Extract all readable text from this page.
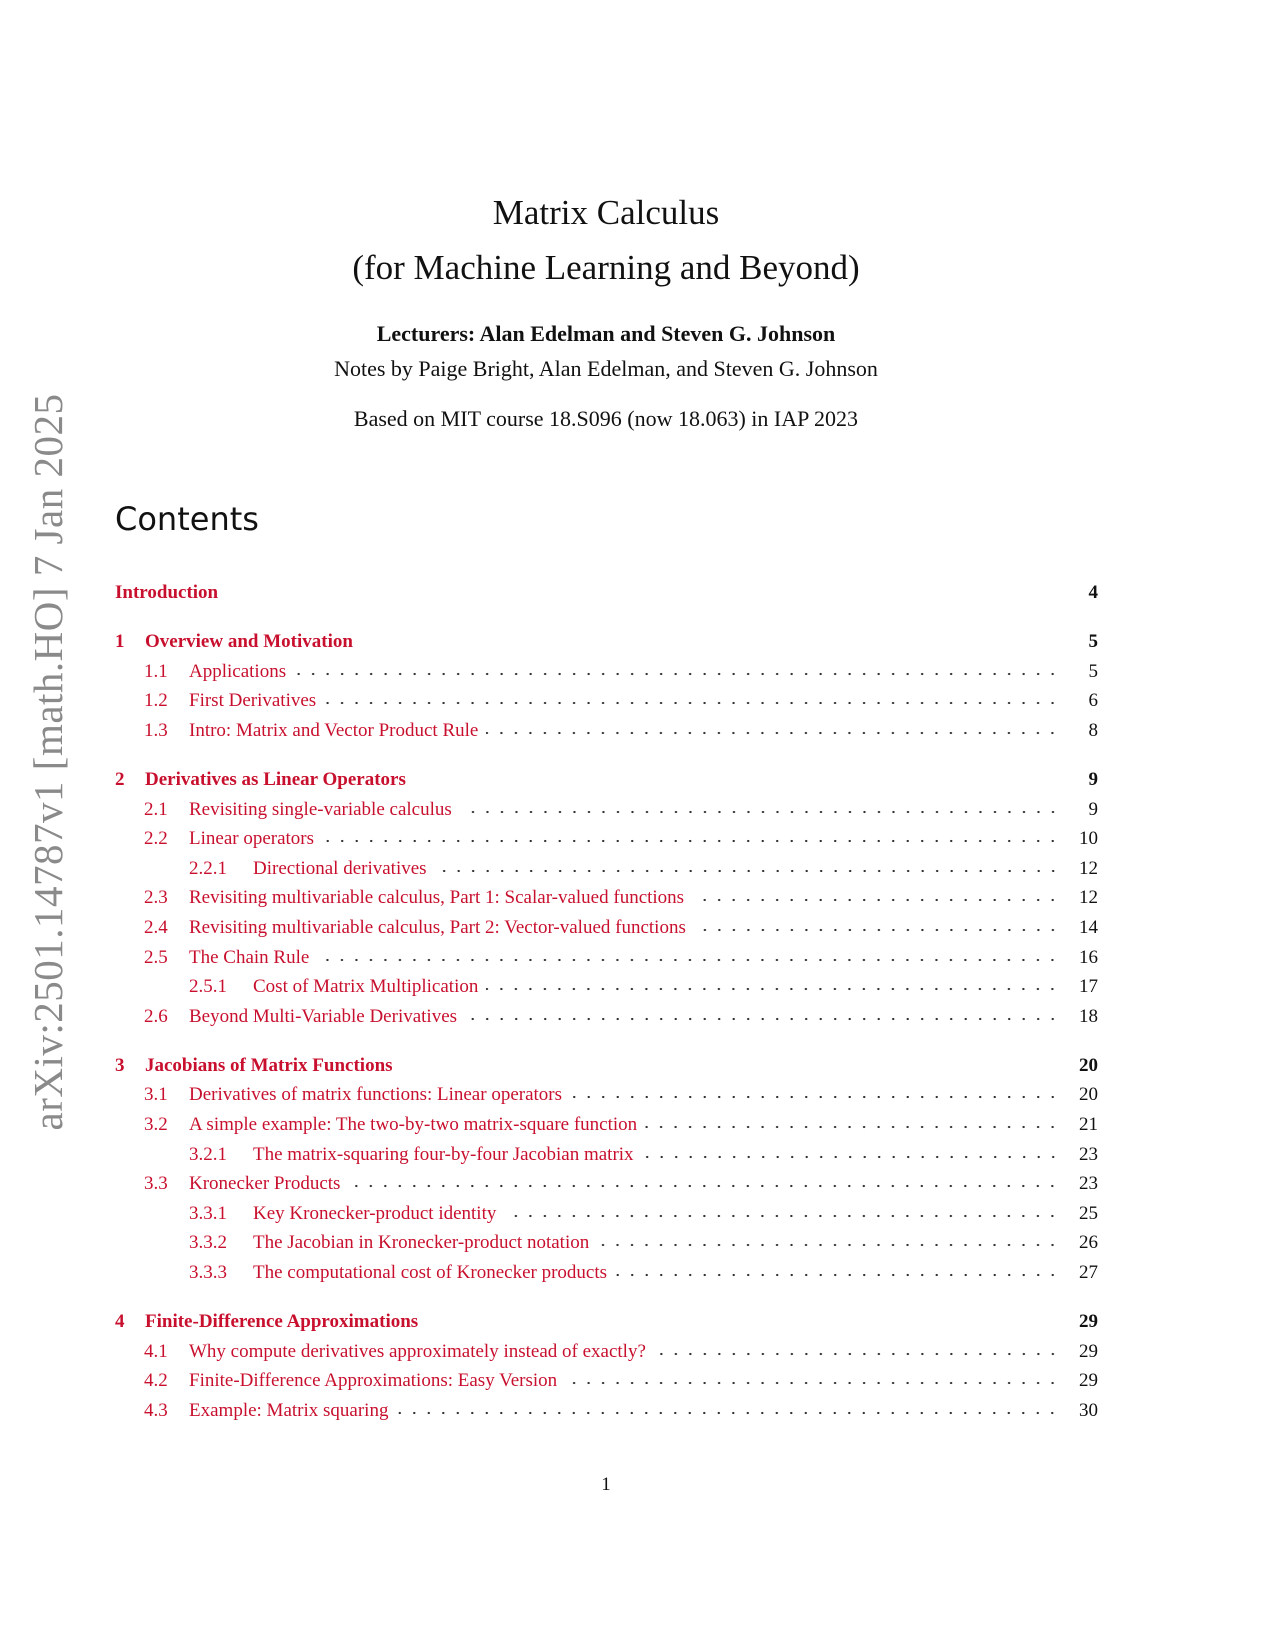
arXiv:2501.14787v1 [math.HO] 7 Jan 2025
Matrix Calculus
(for Machine Learning and Beyond)
Lecturers: Alan Edelman and Steven G. Johnson
Notes by Paige Bright, Alan Edelman, and Steven G. Johnson
Based on MIT course 18.S096 (now 18.063) in IAP 2023
Contents
Introduction	4
1	Overview and Motivation	5
1.1	Applications	5
1.2	First Derivatives	6
1.3	Intro: Matrix and Vector Product Rule	8
2	Derivatives as Linear Operators	9
2.1	Revisiting single-variable calculus	9
2.2	Linear operators	10
2.2.1	Directional derivatives	12
2.3	Revisiting multivariable calculus, Part 1: Scalar-valued functions	12
2.4	Revisiting multivariable calculus, Part 2: Vector-valued functions	14
2.5	The Chain Rule	16
2.5.1	Cost of Matrix Multiplication	17
2.6	Beyond Multi-Variable Derivatives	18
3	Jacobians of Matrix Functions	20
3.1	Derivatives of matrix functions: Linear operators	20
3.2	A simple example: The two-by-two matrix-square function	21
3.2.1	The matrix-squaring four-by-four Jacobian matrix	23
3.3	Kronecker Products	23
3.3.1	Key Kronecker-product identity	25
3.3.2	The Jacobian in Kronecker-product notation	26
3.3.3	The computational cost of Kronecker products	27
4	Finite-Difference Approximations	29
4.1	Why compute derivatives approximately instead of exactly?	29
4.2	Finite-Difference Approximations: Easy Version	29
4.3	Example: Matrix squaring	30
1
